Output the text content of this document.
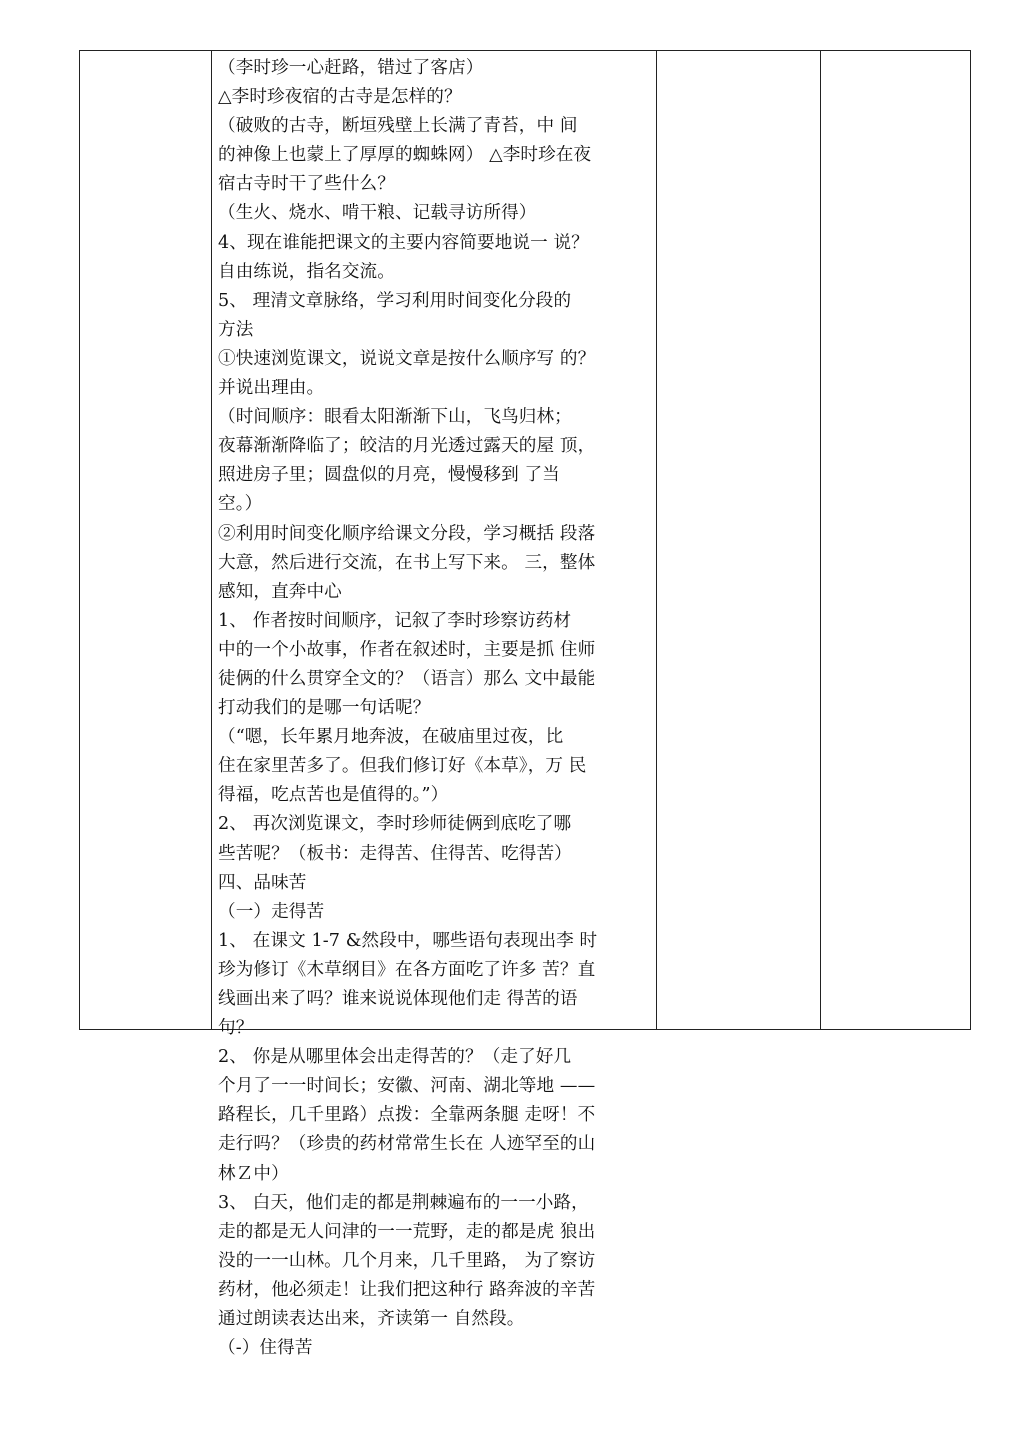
（李时珍一心赶路，错过了客店）

△李时珍夜宿的古寺是怎样的？

（破败的古寺，断垣残壁上长满了青苔，中 间

的神像上也蒙上了厚厚的蜘蛛网） △李时珍在夜

宿古寺时干了些什么？

（生火、烧水、啃干粮、记载寻访所得）

4、现在谁能把课文的主要内容简要地说一 说？

自由练说，指名交流。

5、 理清文章脉络，学习利用时间变化分段的

方法

①快速浏览课文，说说文章是按什么顺序写 的？

并说出理由。

（时间顺序：眼看太阳渐渐下山，飞鸟归林；

夜幕渐渐降临了；皎洁的月光透过露天的屋 顶，

照进房子里；圆盘似的月亮，慢慢移到 了当

空。）

②利用时间变化顺序给课文分段，学习概括 段落

大意，然后进行交流，在书上写下来。 三，整体

感知，直奔中心

1、 作者按时间顺序，记叙了李时珍察访药材

中的一个小故事，作者在叙述时，主要是抓 住师

徒俩的什么贯穿全文的？（语言）那么 文中最能

打动我们的是哪一句话呢？

（“嗯，长年累月地奔波，在破庙里过夜，比

住在家里苦多了。但我们修订好《本草》，万 民

得福，吃点苦也是值得的。”）

2、 再次浏览课文，李时珍师徒俩到底吃了哪

些苦呢？（板书：走得苦、住得苦、吃得苦）

四、品味苦

（一）走得苦

1、 在课文 1-7 &然段中，哪些语句表现出李 时

珍为修订《木草纲目》在各方面吃了许多 苦？直

线画出来了吗？谁来说说体现他们走 得苦的语

句？

2、 你是从哪里体会出走得苦的？（走了好几

个月了一一时间长；安徽、河南、湖北等地 ——

路程长，几千里路）点拨：全靠两条腿 走呀！不

走行吗？（珍贵的药材常常生长在 人迹罕至的山

林Ｚ中）

3、 白天，他们走的都是荆棘遍布的一一小路，

走的都是无人问津的一一荒野，走的都是虎 狼出

没的一一山林。几个月来，几千里路， 为了察访

药材，他必须走！让我们把这种行 路奔波的辛苦

通过朗读表达出来，齐读第一 自然段。

（-）住得苦
